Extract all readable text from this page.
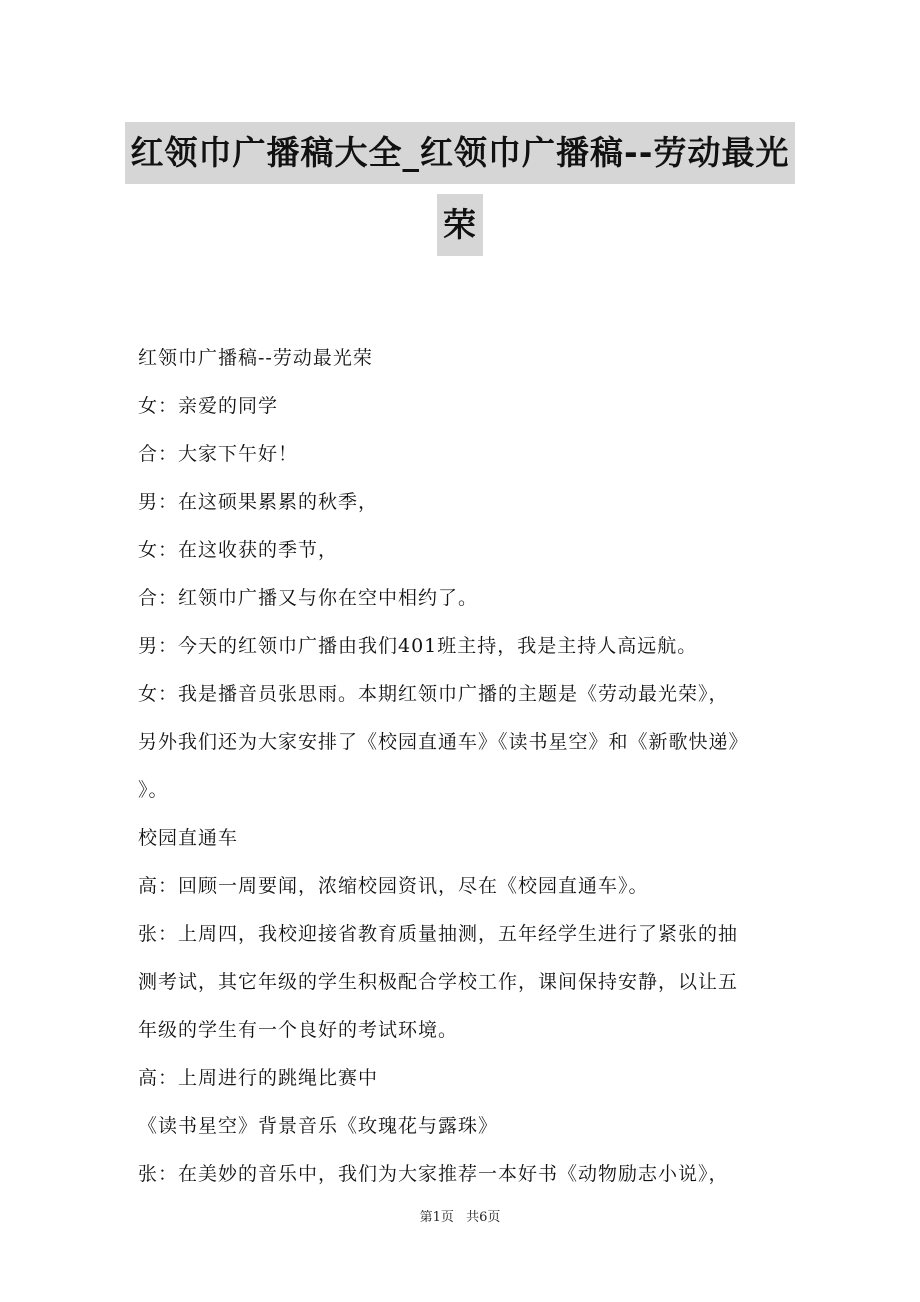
红领巾广播稿大全_红领巾广播稿--劳动最光
荣
红领巾广播稿--劳动最光荣
女：亲爱的同学
合：大家下午好！
男：在这硕果累累的秋季，
女：在这收获的季节，
合：红领巾广播又与你在空中相约了。
男：今天的红领巾广播由我们401班主持，我是主持人高远航。
女：我是播音员张思雨。本期红领巾广播的主题是《劳动最光荣》，
另外我们还为大家安排了《校园直通车》《读书星空》和《新歌快递》
》。
校园直通车
高：回顾一周要闻，浓缩校园资讯，尽在《校园直通车》。
张：上周四，我校迎接省教育质量抽测，五年经学生进行了紧张的抽
测考试，其它年级的学生积极配合学校工作，课间保持安静，以让五
年级的学生有一个良好的考试环境。
高：上周进行的跳绳比赛中
《读书星空》背景音乐《玫瑰花与露珠》
张：在美妙的音乐中，我们为大家推荐一本好书《动物励志小说》，
第1页 共6页
